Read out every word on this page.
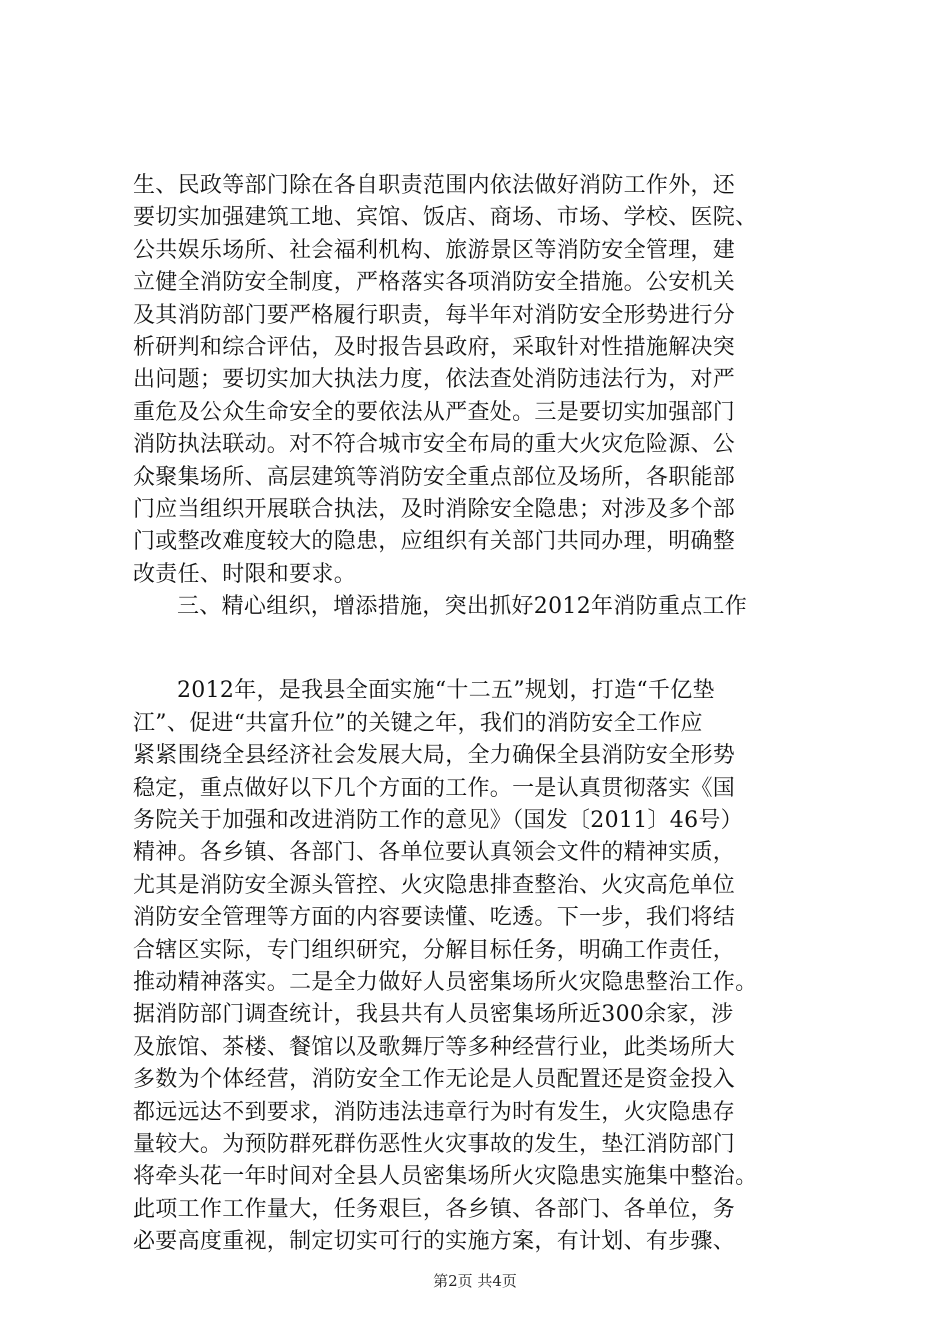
生、民政等部门除在各自职责范围内依法做好消防工作外，还
要切实加强建筑工地、宾馆、饭店、商场、市场、学校、医院、
公共娱乐场所、社会福利机构、旅游景区等消防安全管理，建
立健全消防安全制度，严格落实各项消防安全措施。公安机关
及其消防部门要严格履行职责，每半年对消防安全形势进行分
析研判和综合评估，及时报告县政府，采取针对性措施解决突
出问题；要切实加大执法力度，依法查处消防违法行为，对严
重危及公众生命安全的要依法从严查处。三是要切实加强部门
消防执法联动。对不符合城市安全布局的重大火灾危险源、公
众聚集场所、高层建筑等消防安全重点部位及场所，各职能部
门应当组织开展联合执法，及时消除安全隐患；对涉及多个部
门或整改难度较大的隐患，应组织有关部门共同办理，明确整
改责任、时限和要求。
三、精心组织，增添措施，突出抓好2012年消防重点工作
2012年，是我县全面实施“十二五”规划，打造“千亿垫
江”、促进“共富升位”的关键之年，我们的消防安全工作应
紧紧围绕全县经济社会发展大局，全力确保全县消防安全形势
稳定，重点做好以下几个方面的工作。一是认真贯彻落实《国
务院关于加强和改进消防工作的意见》（国发〔2011〕46号）
精神。各乡镇、各部门、各单位要认真领会文件的精神实质，
尤其是消防安全源头管控、火灾隐患排查整治、火灾高危单位
消防安全管理等方面的内容要读懂、吃透。下一步，我们将结
合辖区实际，专门组织研究，分解目标任务，明确工作责任，
推动精神落实。二是全力做好人员密集场所火灾隐患整治工作。
据消防部门调查统计，我县共有人员密集场所近300余家，涉
及旅馆、茶楼、餐馆以及歌舞厅等多种经营行业，此类场所大
多数为个体经营，消防安全工作无论是人员配置还是资金投入
都远远达不到要求，消防违法违章行为时有发生，火灾隐患存
量较大。为预防群死群伤恶性火灾事故的发生，垫江消防部门
将牵头花一年时间对全县人员密集场所火灾隐患实施集中整治。
此项工作工作量大，任务艰巨，各乡镇、各部门、各单位，务
必要高度重视，制定切实可行的实施方案，有计划、有步骤、
第2页 共4页
